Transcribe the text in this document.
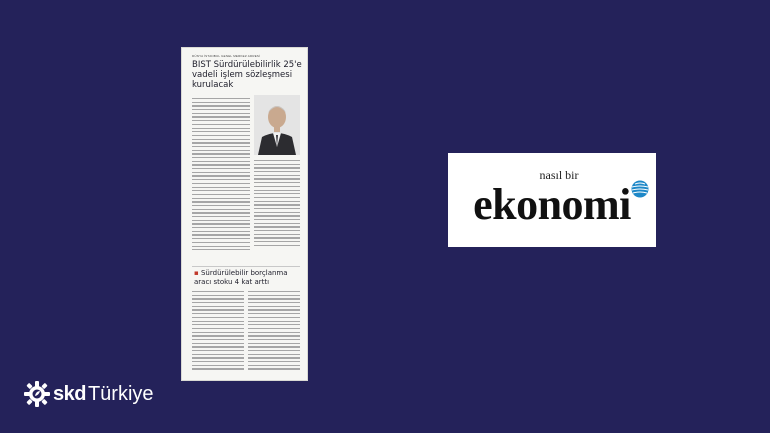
DÜNYA İSTANBUL GENEL MERKEZ ADRESİ
BIST Sürdürülebilirlik 25'e vadeli işlem sözleşmesi kurulacak
▪ Sürdürülebilir borçlanma aracı stoku 4 kat arttı
nasıl bir
ekonomi
skd Türkiye
